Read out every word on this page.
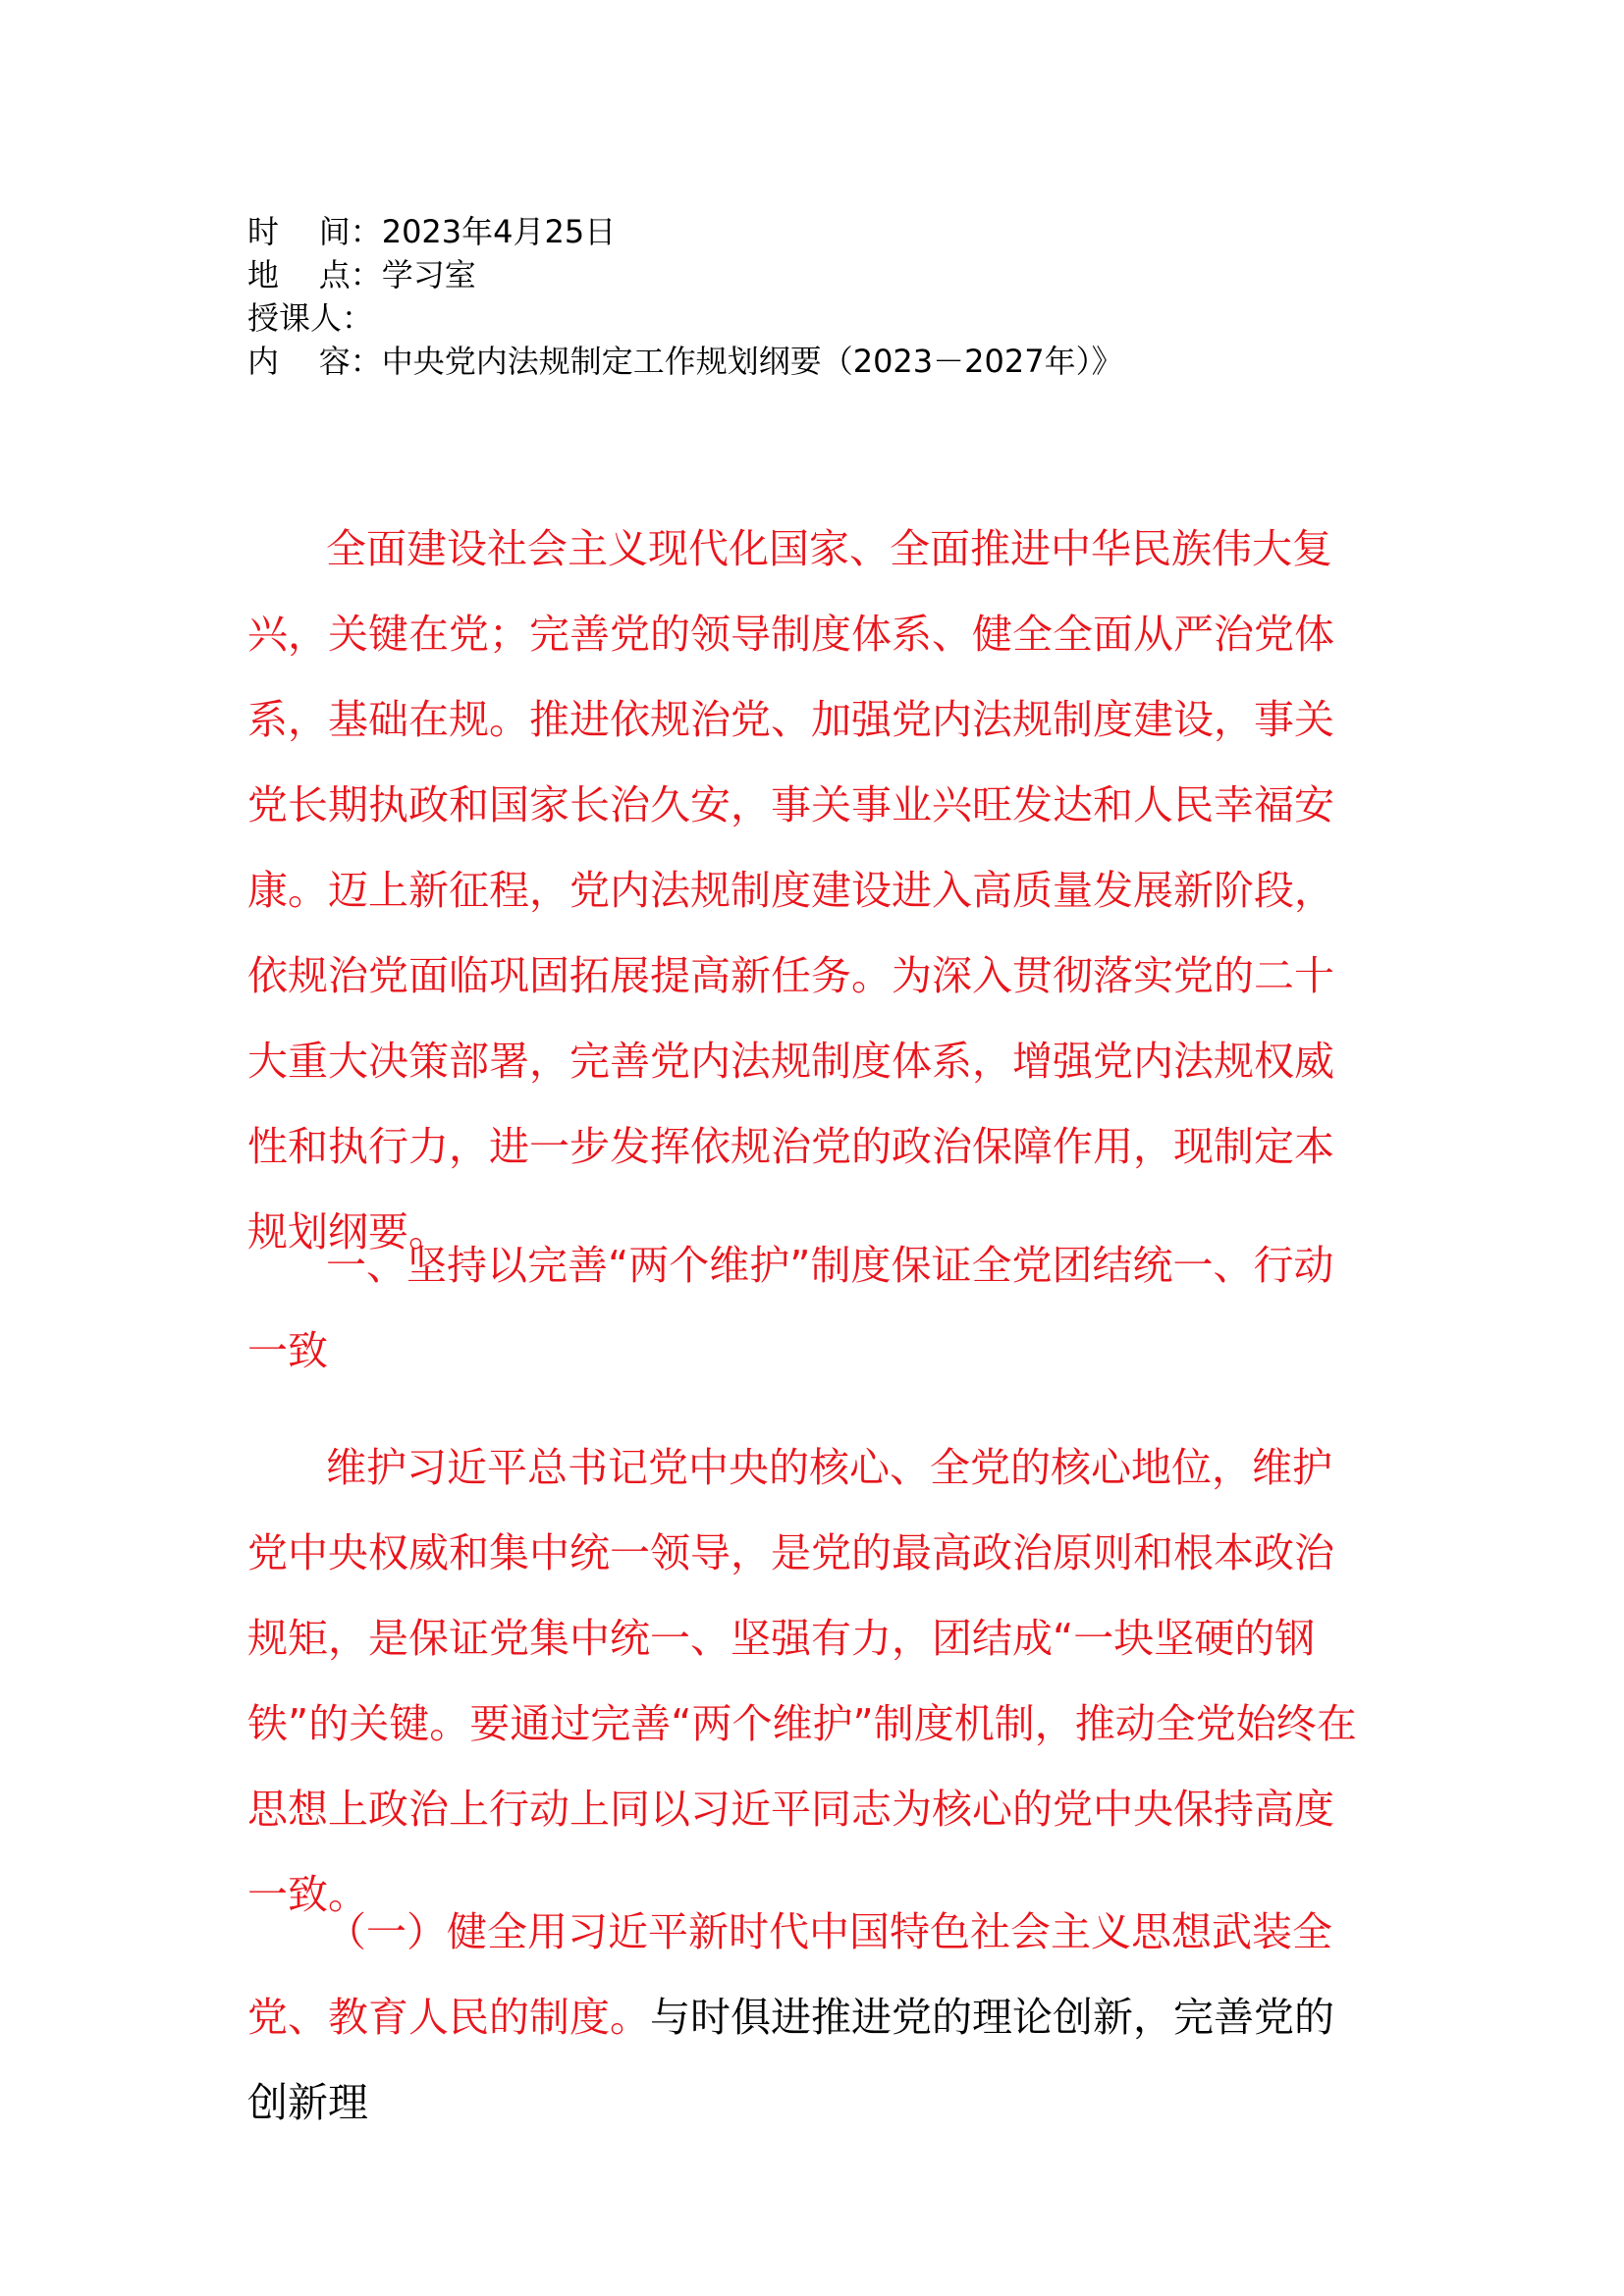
时    间： 2023年4月25日
地    点： 学习室
授课人：
内    容： 中央党内法规制定工作规划纲要（2023－2027年）》

全面建设社会主义现代化国家、全面推进中华民族伟大复兴，关键在党；完善党的领导制度体系、健全全面从严治党体系，基础在规。推进依规治党、加强党内法规制度建设，事关党长期执政和国家长治久安，事关事业兴旺发达和人民幸福安康。迈上新征程，党内法规制度建设进入高质量发展新阶段，依规治党面临巩固拓展提高新任务。为深入贯彻落实党的二十大重大决策部署，完善党内法规制度体系，增强党内法规权威性和执行力，进一步发挥依规治党的政治保障作用，现制定本规划纲要。

一、坚持以完善“两个维护”制度保证全党团结统一、行动一致

维护习近平总书记党中央的核心、全党的核心地位，维护党中央权威和集中统一领导，是党的最高政治原则和根本政治规矩，是保证党集中统一、坚强有力，团结成“一块坚硬的钢铁”的关键。要通过完善“两个维护”制度机制，推动全党始终在思想上政治上行动上同以习近平同志为核心的党中央保持高度一致。

（一）健全用习近平新时代中国特色社会主义思想武装全党、教育人民的制度。与时俱进推进党的理论创新，完善党的创新理
